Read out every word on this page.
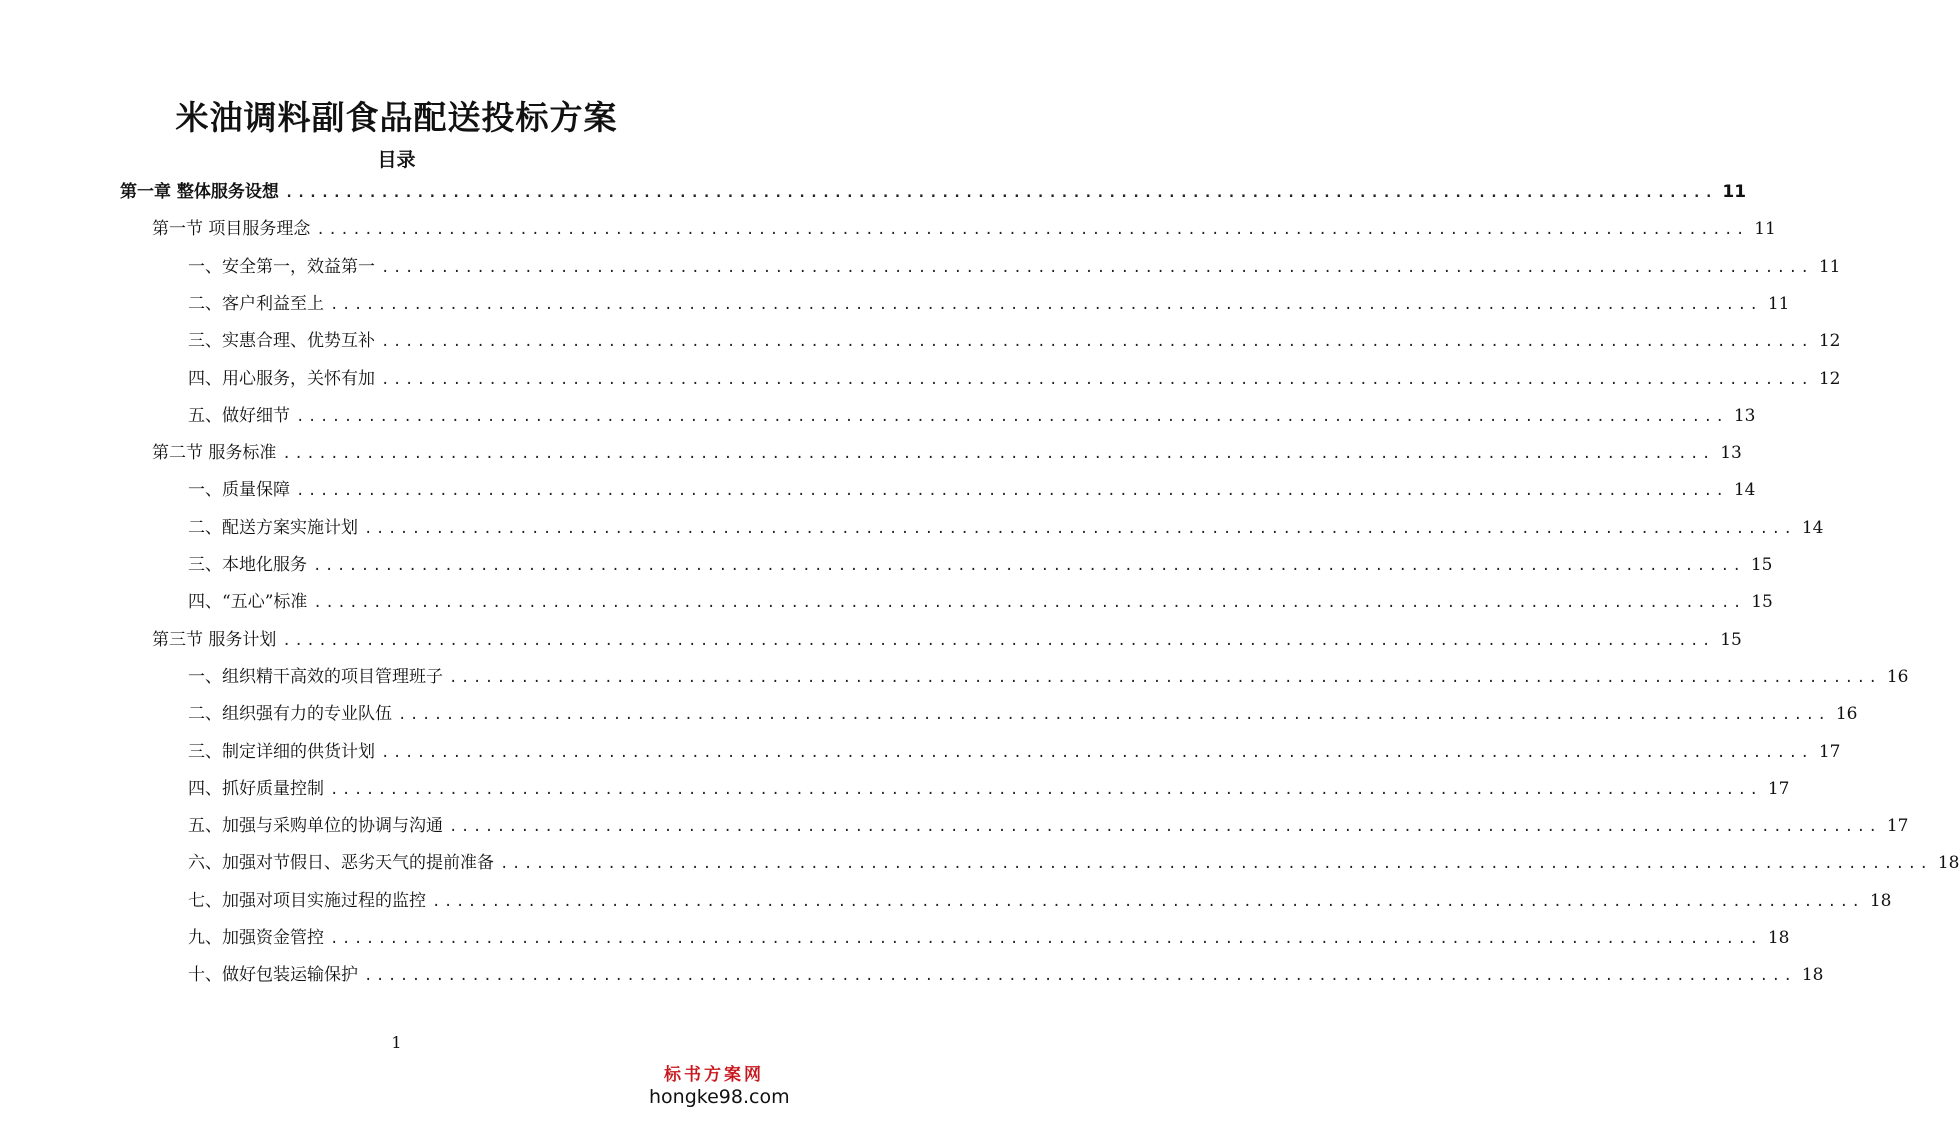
米油调料副食品配送投标方案
目录
第一章 整体服务设想 ........................................................................................................................ 11
第一节 项目服务理念 ........................................................................................................................ 11
一、安全第一，效益第一 ........................................................................................................................ 11
二、客户利益至上 ........................................................................................................................ 11
三、实惠合理、优势互补 ........................................................................................................................ 12
四、用心服务，关怀有加 ........................................................................................................................ 12
五、做好细节 ........................................................................................................................ 13
第二节 服务标准 ........................................................................................................................ 13
一、质量保障 ........................................................................................................................ 14
二、配送方案实施计划 ........................................................................................................................ 14
三、本地化服务 ........................................................................................................................ 15
四、“五心”标准 ........................................................................................................................ 15
第三节 服务计划 ........................................................................................................................ 15
一、组织精干高效的项目管理班子 ........................................................................................................................ 16
二、组织强有力的专业队伍 ........................................................................................................................ 16
三、制定详细的供货计划 ........................................................................................................................ 17
四、抓好质量控制 ........................................................................................................................ 17
五、加强与采购单位的协调与沟通 ........................................................................................................................ 17
六、加强对节假日、恶劣天气的提前准备 ........................................................................................................................ 18
七、加强对项目实施过程的监控 ........................................................................................................................ 18
九、加强资金管控 ........................................................................................................................ 18
十、做好包装运输保护 ........................................................................................................................ 18
1
标书方案网
hongke98.com
